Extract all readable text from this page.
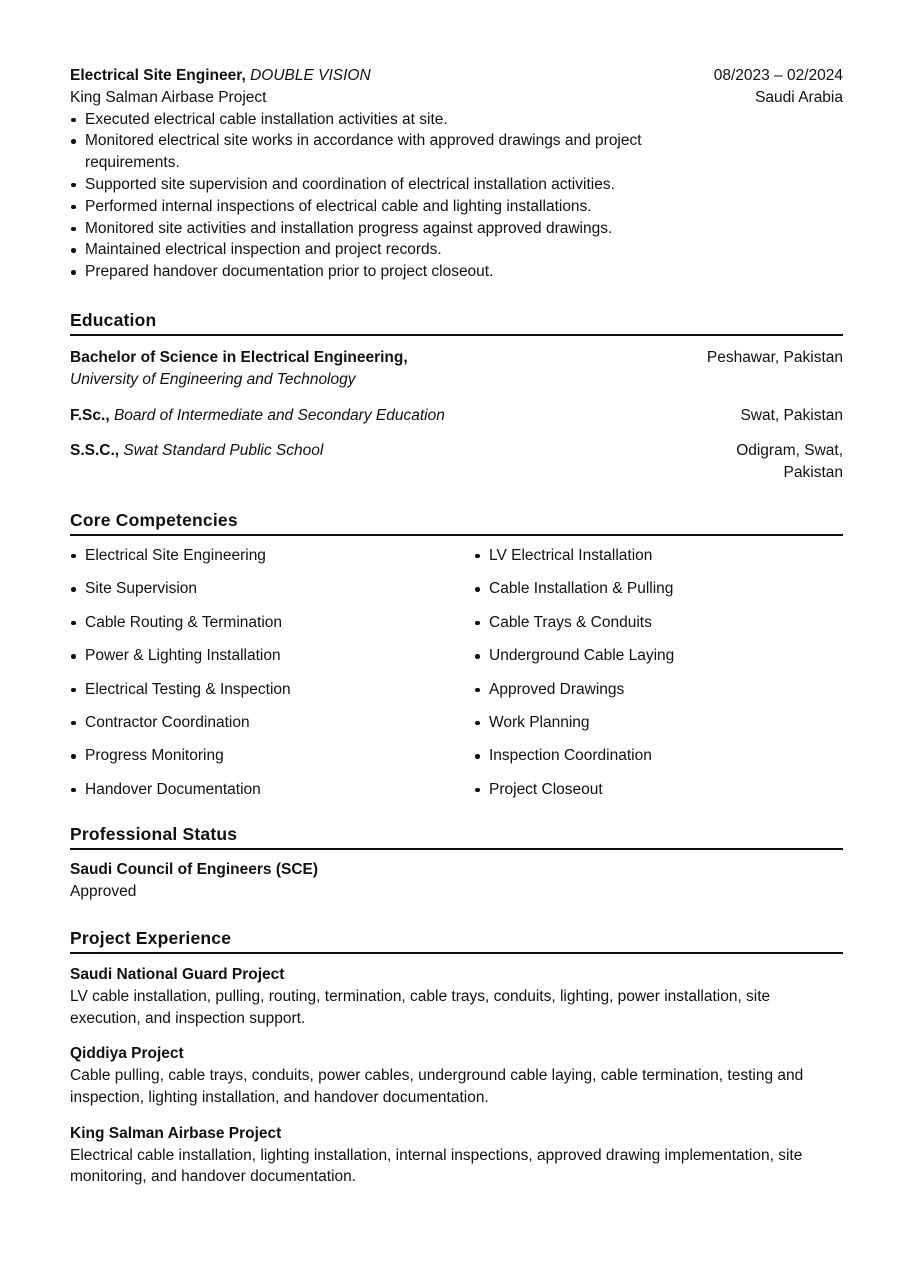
Electrical Site Engineer, DOUBLE VISION	08/2023 – 02/2024
King Salman Airbase Project	Saudi Arabia
Executed electrical cable installation activities at site.
Monitored electrical site works in accordance with approved drawings and project requirements.
Supported site supervision and coordination of electrical installation activities.
Performed internal inspections of electrical cable and lighting installations.
Monitored site activities and installation progress against approved drawings.
Maintained electrical inspection and project records.
Prepared handover documentation prior to project closeout.
Education
Bachelor of Science in Electrical Engineering,	Peshawar, Pakistan
University of Engineering and Technology
F.Sc., Board of Intermediate and Secondary Education	Swat, Pakistan
S.S.C., Swat Standard Public School	Odigram, Swat,
Pakistan
Core Competencies
Electrical Site Engineering	LV Electrical Installation
Site Supervision	Cable Installation & Pulling
Cable Routing & Termination	Cable Trays & Conduits
Power & Lighting Installation	Underground Cable Laying
Electrical Testing & Inspection	Approved Drawings
Contractor Coordination	Work Planning
Progress Monitoring	Inspection Coordination
Handover Documentation	Project Closeout
Professional Status
Saudi Council of Engineers (SCE)
Approved
Project Experience
Saudi National Guard Project
LV cable installation, pulling, routing, termination, cable trays, conduits, lighting, power installation, site execution, and inspection support.
Qiddiya Project
Cable pulling, cable trays, conduits, power cables, underground cable laying, cable termination, testing and inspection, lighting installation, and handover documentation.
King Salman Airbase Project
Electrical cable installation, lighting installation, internal inspections, approved drawing implementation, site monitoring, and handover documentation.
